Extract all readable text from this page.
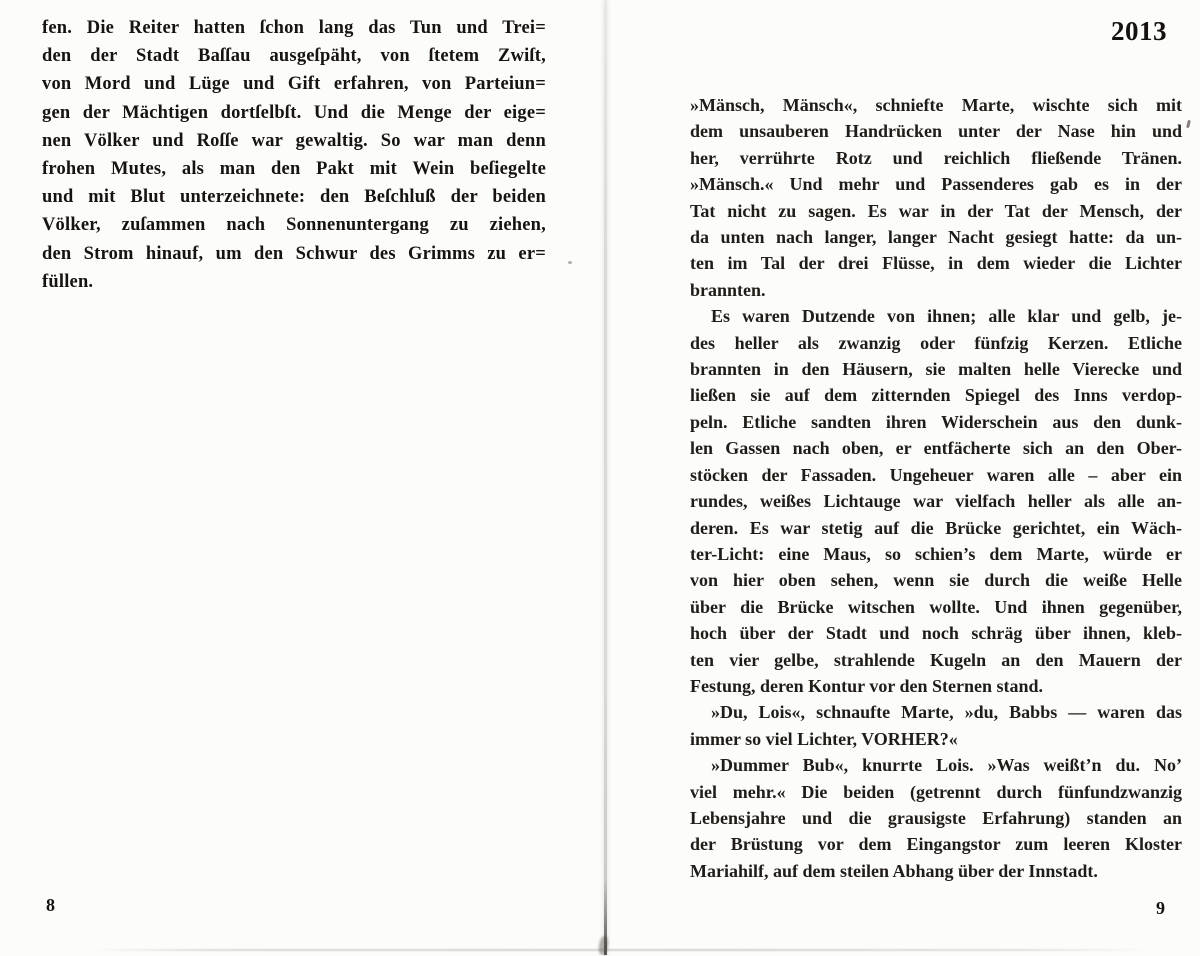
fen. Die Reiter hatten ſchon lang das Tun und Trei=
den der Stadt Baſſau ausgeſpäht, von ſtetem Zwiſt,
von Mord und Lüge und Gift erfahren, von Parteiun=
gen der Mächtigen dortſelbſt. Und die Menge der eige=
nen Völker und Roſſe war gewaltig. So war man denn
frohen Mutes, als man den Pakt mit Wein beſiegelte
und mit Blut unterzeichnete: den Beſchluß der beiden
Völker, zuſammen nach Sonnenuntergang zu ziehen,
den Strom hinauf, um den Schwur des Grimms zu er=
füllen.
8
2013
»Mänsch, Mänsch«, schniefte Marte, wischte sich mit
dem unsauberen Handrücken unter der Nase hin und
her, verrührte Rotz und reichlich fließende Tränen.
»Mänsch.« Und mehr und Passenderes gab es in der
Tat nicht zu sagen. Es war in der Tat der Mensch, der
da unten nach langer, langer Nacht gesiegt hatte: da un-
ten im Tal der drei Flüsse, in dem wieder die Lichter
brannten.
Es waren Dutzende von ihnen; alle klar und gelb, je-
des heller als zwanzig oder fünfzig Kerzen. Etliche
brannten in den Häusern, sie malten helle Vierecke und
ließen sie auf dem zitternden Spiegel des Inns verdop-
peln. Etliche sandten ihren Widerschein aus den dunk-
len Gassen nach oben, er entfächerte sich an den Ober-
stöcken der Fassaden. Ungeheuer waren alle – aber ein
rundes, weißes Lichtauge war vielfach heller als alle an-
deren. Es war stetig auf die Brücke gerichtet, ein Wäch-
ter-Licht: eine Maus, so schien’s dem Marte, würde er
von hier oben sehen, wenn sie durch die weiße Helle
über die Brücke witschen wollte. Und ihnen gegenüber,
hoch über der Stadt und noch schräg über ihnen, kleb-
ten vier gelbe, strahlende Kugeln an den Mauern der
Festung, deren Kontur vor den Sternen stand.
»Du, Lois«, schnaufte Marte, »du, Babbs — waren das
immer so viel Lichter, VORHER?«
»Dummer Bub«, knurrte Lois. »Was weißt’n du. No’
viel mehr.« Die beiden (getrennt durch fünfundzwanzig
Lebensjahre und die grausigste Erfahrung) standen an
der Brüstung vor dem Eingangstor zum leeren Kloster
Mariahilf, auf dem steilen Abhang über der Innstadt.
9
